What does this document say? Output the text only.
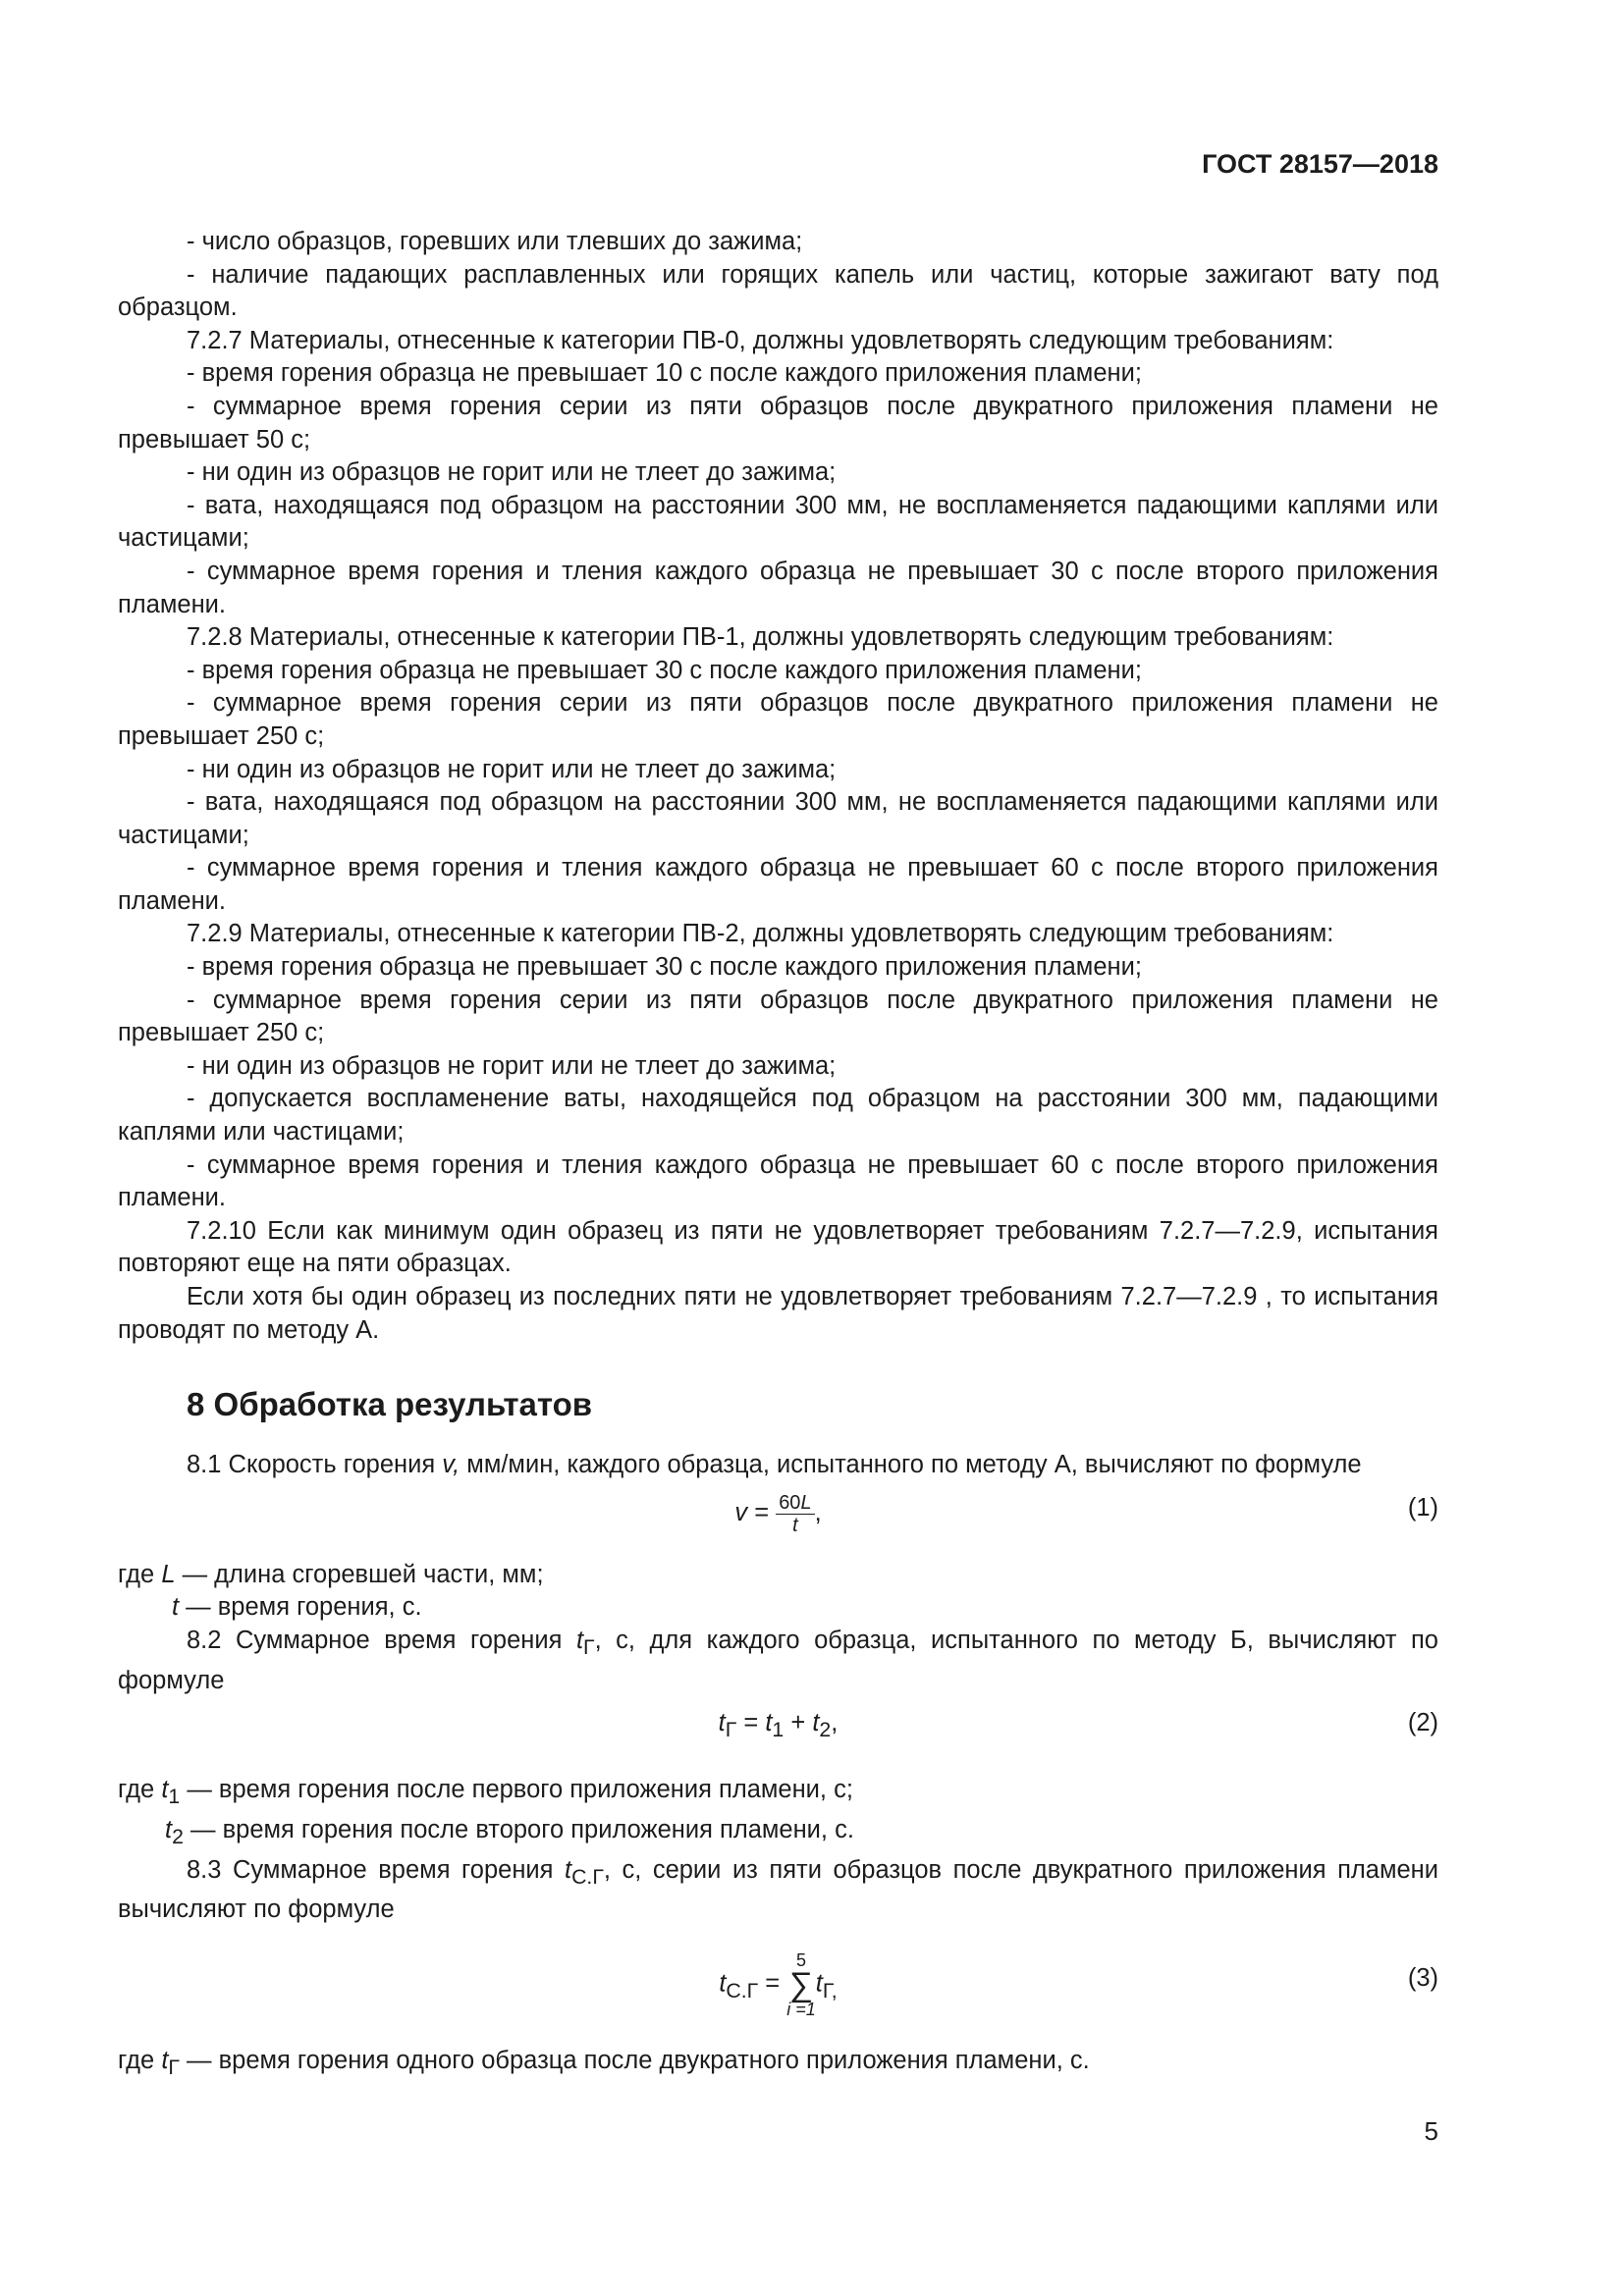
ГОСТ 28157—2018

- число образцов, горевших или тлевших до зажима;

- наличие падающих расплавленных или горящих капель или частиц, которые зажигают вату под образцом.

7.2.7 Материалы, отнесенные к категории ПВ-0, должны удовлетворять следующим требованиям:

- время горения образца не превышает 10 с после каждого приложения пламени;

- суммарное время горения серии из пяти образцов после двукратного приложения пламени не превышает 50 с;

- ни один из образцов не горит или не тлеет до зажима;

- вата, находящаяся под образцом на расстоянии 300 мм, не воспламеняется падающими каплями или частицами;

- суммарное время горения и тления каждого образца не превышает 30 с после второго приложения пламени.

7.2.8 Материалы, отнесенные к категории ПВ-1, должны удовлетворять следующим требованиям:

- время горения образца не превышает 30 с после каждого приложения пламени;

- суммарное время горения серии из пяти образцов после двукратного приложения пламени не превышает 250 с;

- ни один из образцов не горит или не тлеет до зажима;

- вата, находящаяся под образцом на расстоянии 300 мм, не воспламеняется падающими каплями или частицами;

- суммарное время горения и тления каждого образца не превышает 60 с после второго приложения пламени.

7.2.9 Материалы, отнесенные к категории ПВ-2, должны удовлетворять следующим требованиям:

- время горения образца не превышает 30 с после каждого приложения пламени;

- суммарное время горения серии из пяти образцов после двукратного приложения пламени не превышает 250 с;

- ни один из образцов не горит или не тлеет до зажима;

- допускается воспламенение ваты, находящейся под образцом на расстоянии 300 мм, падающими каплями или частицами;

- суммарное время горения и тления каждого образца не превышает 60 с после второго приложения пламени.

7.2.10 Если как минимум один образец из пяти не удовлетворяет требованиям 7.2.7—7.2.9, испытания повторяют еще на пяти образцах.

Если хотя бы один образец из последних пяти не удовлетворяет требованиям 7.2.7—7.2.9 , то испытания проводят по методу А.

8 Обработка результатов

8.1 Скорость горения v, мм/мин, каждого образца, испытанного по методу А, вычисляют по формуле

$v = \frac{60L}{t}$ ,	(1)

где L — длина сгоревшей части, мм;

t — время горения, с.

8.2 Суммарное время горения $t_Г$, с, для каждого образца, испытанного по методу Б, вычисляют по формуле

$t_Г = t_1 + t_2$,	(2)

где $t_1$ — время горения после первого приложения пламени, с;

$t_2$ — время горения после второго приложения пламени, с.

8.3 Суммарное время горения $t_{С.Г}$, с, серии из пяти образцов после двукратного приложения пламени вычисляют по формуле

$t_{С.Г} = 5$
∑
$i =1t_{Г,}$	(3)

где $t_Г$ — время горения одного образца после двукратного приложения пламени, с.

5
